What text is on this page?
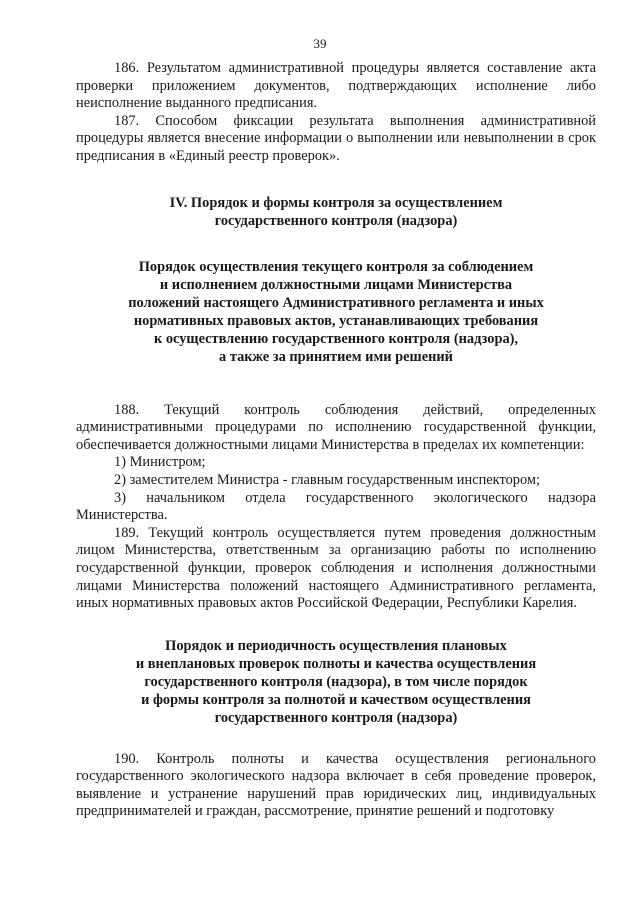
39

186. Результатом административной процедуры является составление акта проверки приложением документов, подтверждающих исполнение либо неисполнение выданного предписания.

187. Способом фиксации результата выполнения административной процедуры является внесение информации о выполнении или невыполнении в срок предписания в «Единый реестр проверок».

IV. Порядок и формы контроля за осуществлением
государственного контроля (надзора)
Порядок осуществления текущего контроля за соблюдением
и исполнением должностными лицами Министерства
положений настоящего Административного регламента и иных
нормативных правовых актов, устанавливающих требования
к осуществлению государственного контроля (надзора),
а также за принятием ими решений

188. Текущий контроль соблюдения действий, определенных административными процедурами по исполнению государственной функции, обеспечивается должностными лицами Министерства в пределах их компетенции:

1) Министром;

2) заместителем Министра - главным государственным инспектором;

3) начальником отдела государственного экологического надзора Министерства.

189. Текущий контроль осуществляется путем проведения должностным лицом Министерства, ответственным за организацию работы по исполнению государственной функции, проверок соблюдения и исполнения должностными лицами Министерства положений настоящего Административного регламента, иных нормативных правовых актов Российской Федерации, Республики Карелия.

Порядок и периодичность осуществления плановых
и внеплановых проверок полноты и качества осуществления
государственного контроля (надзора), в том числе порядок
и формы контроля за полнотой и качеством осуществления
государственного контроля (надзора)

190. Контроль полноты и качества осуществления регионального государственного экологического надзора включает в себя проведение проверок, выявление и устранение нарушений прав юридических лиц, индивидуальных предпринимателей и граждан, рассмотрение, принятие решений и подготовку
